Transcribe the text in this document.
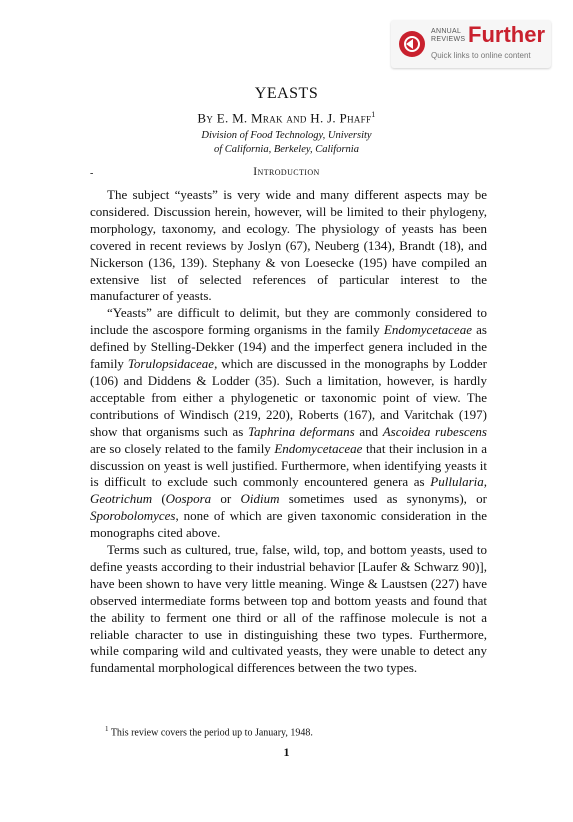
ANNUAL
REVIEWS Further
Quick links to online content
YEASTS
By E. M. Mrak and H. J. Phaff$^1$
Division of Food Technology, University
of California, Berkeley, California
-	Introduction

The subject “yeasts” is very wide and many different aspects may be considered. Discussion herein, however, will be limited to their phylogeny, morphology, taxonomy, and ecology. The physiology of yeasts has been covered in recent reviews by Joslyn (67), Neuberg (134), Brandt (18), and Nickerson (136, 139). Stephany & von Loesecke (195) have compiled an extensive list of selected references of particular interest to the manufacturer of yeasts.

“Yeasts” are difficult to delimit, but they are commonly considered to include the ascospore forming organisms in the family Endomycetaceae as defined by Stelling-Dekker (194) and the imperfect genera included in the family Torulopsidaceae, which are discussed in the monographs by Lodder (106) and Diddens & Lodder (35). Such a limitation, however, is hardly acceptable from either a phylogenetic or taxonomic point of view. The contributions of Windisch (219, 220), Roberts (167), and Varitchak (197) show that organisms such as Taphrina deformans and Ascoidea rubescens are so closely related to the family Endomycetaceae that their inclusion in a discussion on yeast is well justified. Furthermore, when identifying yeasts it is difficult to exclude such commonly encountered genera as Pullularia, Geotrichum (Oospora or Oidium sometimes used as synonyms), or Sporobolomyces, none of which are given taxonomic consideration in the monographs cited above.

Terms such as cultured, true, false, wild, top, and bottom yeasts, used to define yeasts according to their industrial behavior [Laufer & Schwarz 90)], have been shown to have very little meaning. Winge & Laustsen (227) have observed intermediate forms between top and bottom yeasts and found that the ability to ferment one third or all of the raffinose molecule is not a reliable character to use in distinguishing these two types. Furthermore, while comparing wild and cultivated yeasts, they were unable to detect any fundamental morphological differences between the two types.

$^1$ This review covers the period up to January, 1948.
1
